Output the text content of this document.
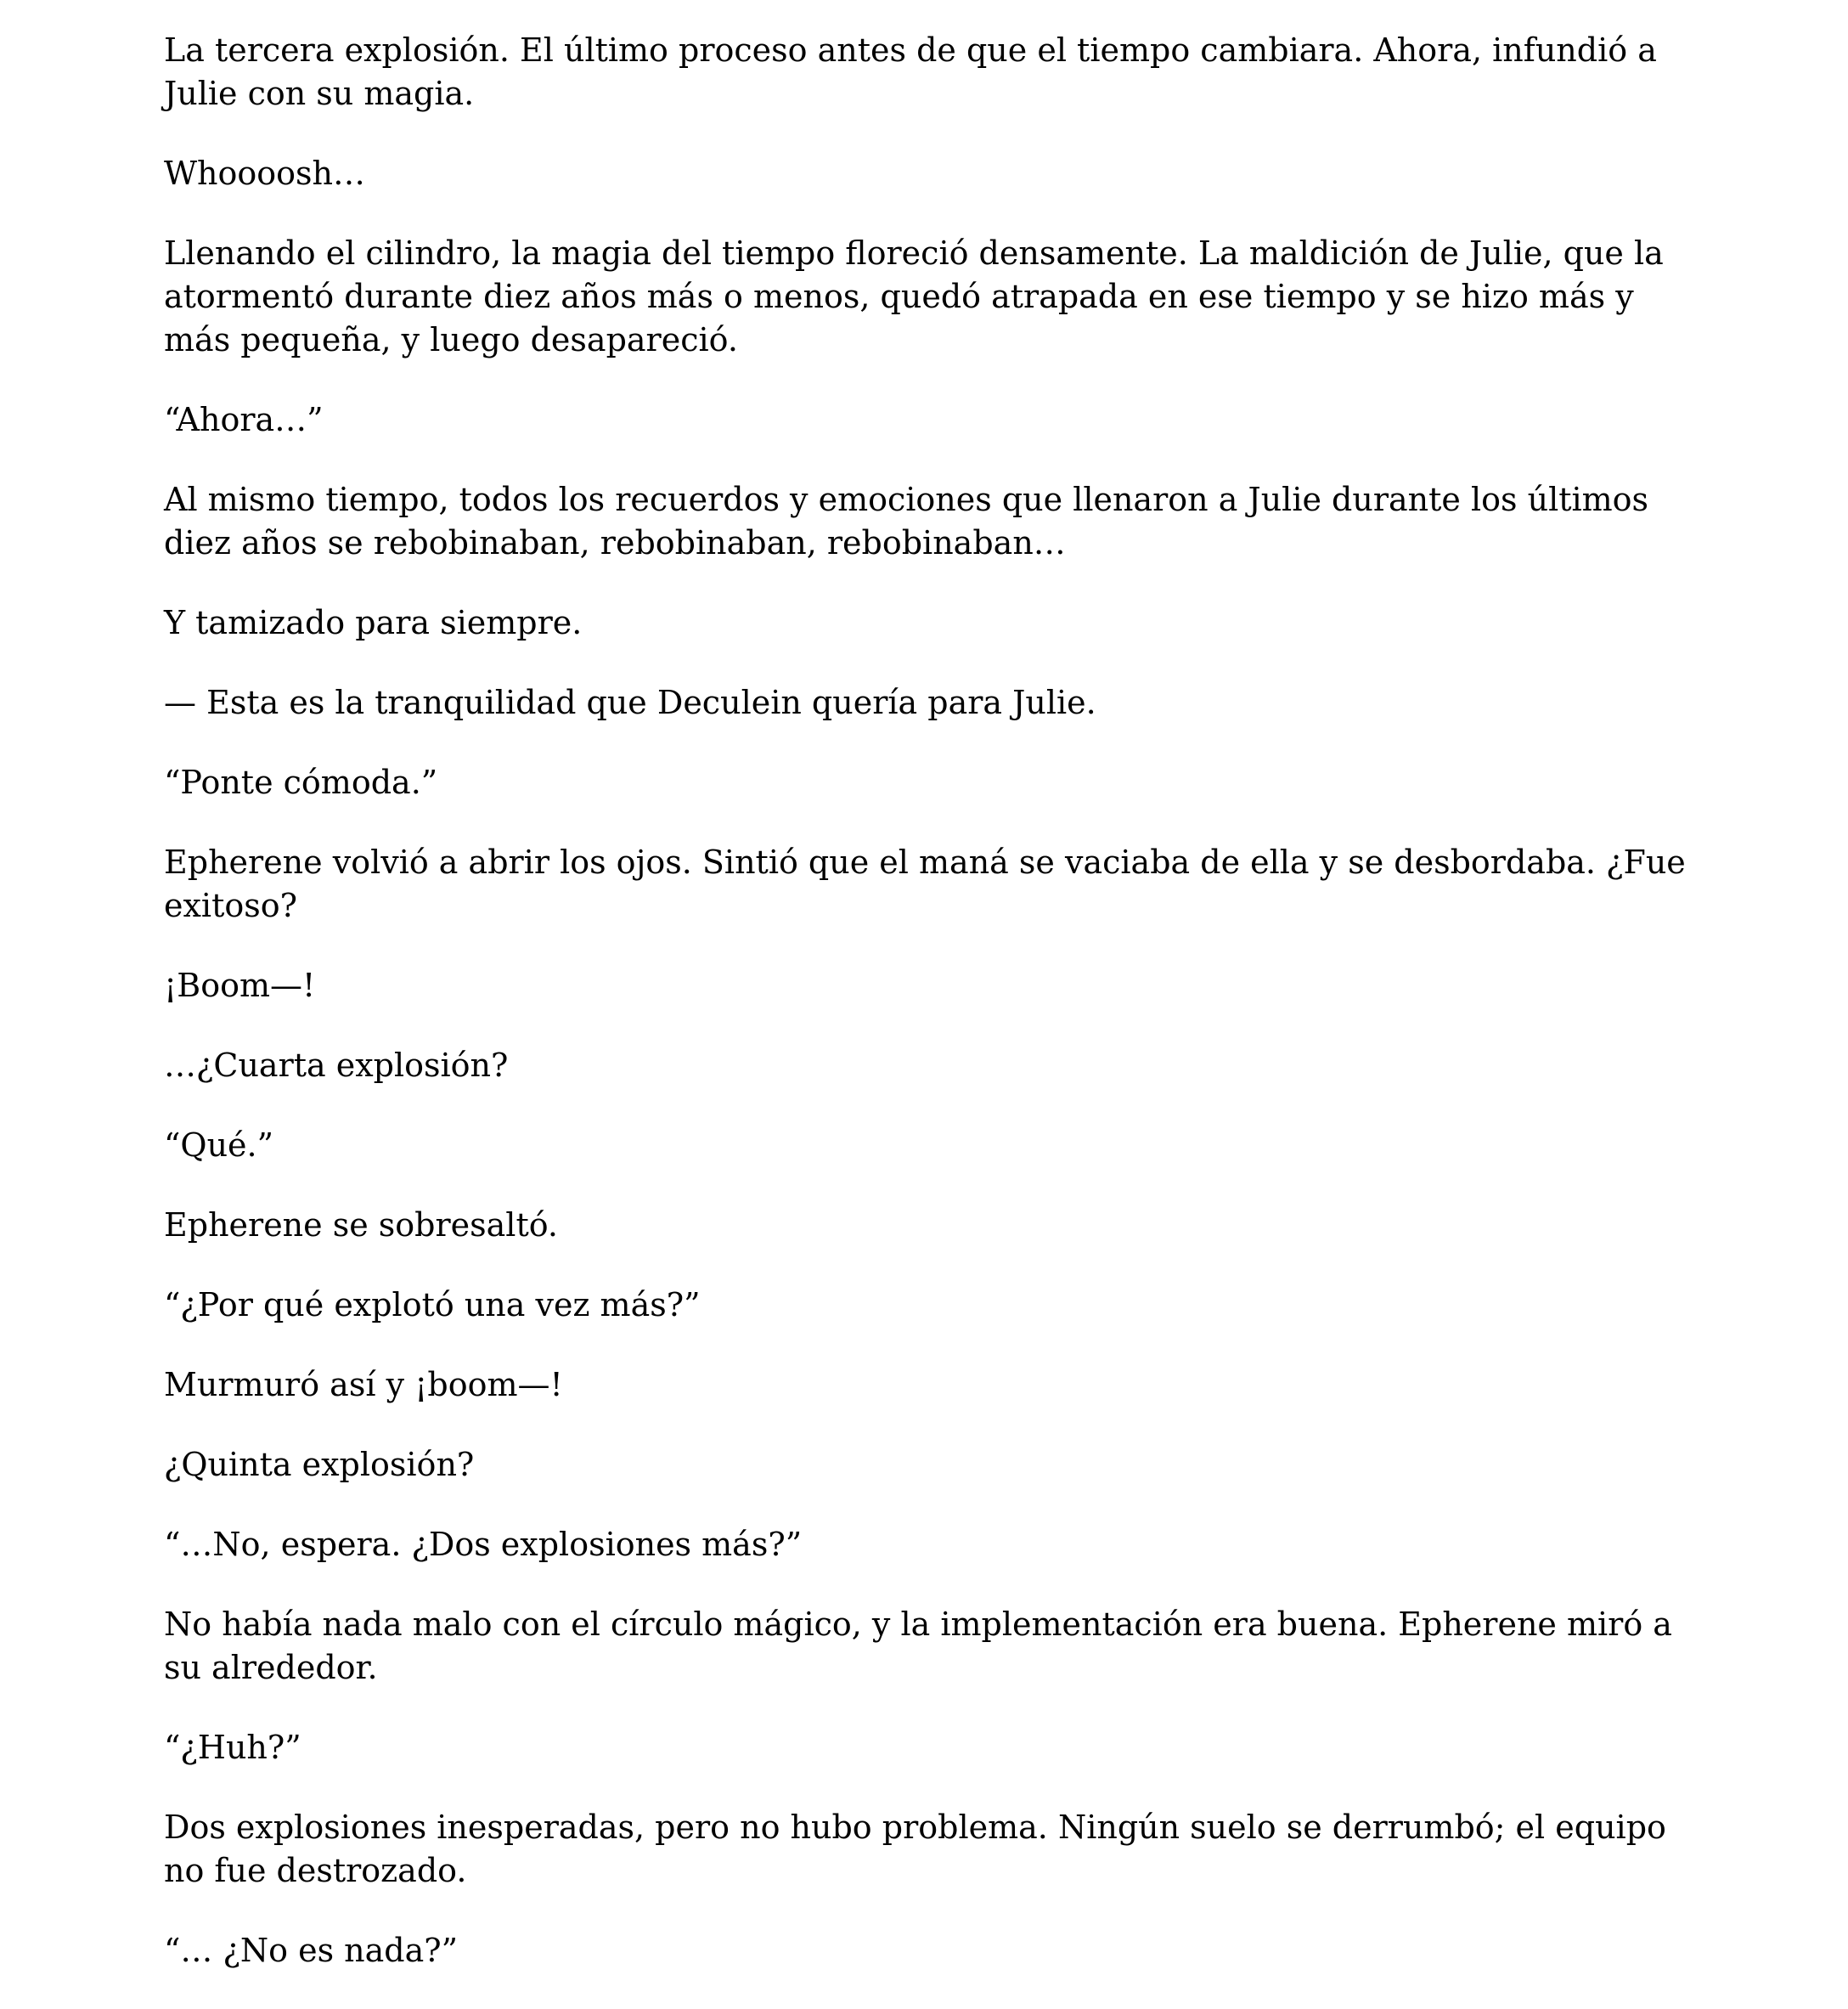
La tercera explosión. El último proceso antes de que el tiempo cambiara. Ahora, infundió a Julie con su magia.

Whoooosh…

Llenando el cilindro, la magia del tiempo floreció densamente. La maldición de Julie, que la atormentó durante diez años más o menos, quedó atrapada en ese tiempo y se hizo más y más pequeña, y luego desapareció.

“Ahora…”

Al mismo tiempo, todos los recuerdos y emociones que llenaron a Julie durante los últimos diez años se rebobinaban, rebobinaban, rebobinaban…

Y tamizado para siempre.

— Esta es la tranquilidad que Deculein quería para Julie.

“Ponte cómoda.”

Epherene volvió a abrir los ojos. Sintió que el maná se vaciaba de ella y se desbordaba. ¿Fue exitoso?

¡Boom—!

…¿Cuarta explosión?

“Qué.”

Epherene se sobresaltó.

“¿Por qué explotó una vez más?”

Murmuró así y ¡boom—!

¿Quinta explosión?

“…No, espera. ¿Dos explosiones más?”

No había nada malo con el círculo mágico, y la implementación era buena. Epherene miró a su alrededor.

“¿Huh?”

Dos explosiones inesperadas, pero no hubo problema. Ningún suelo se derrumbó; el equipo no fue destrozado.

“… ¿No es nada?”
